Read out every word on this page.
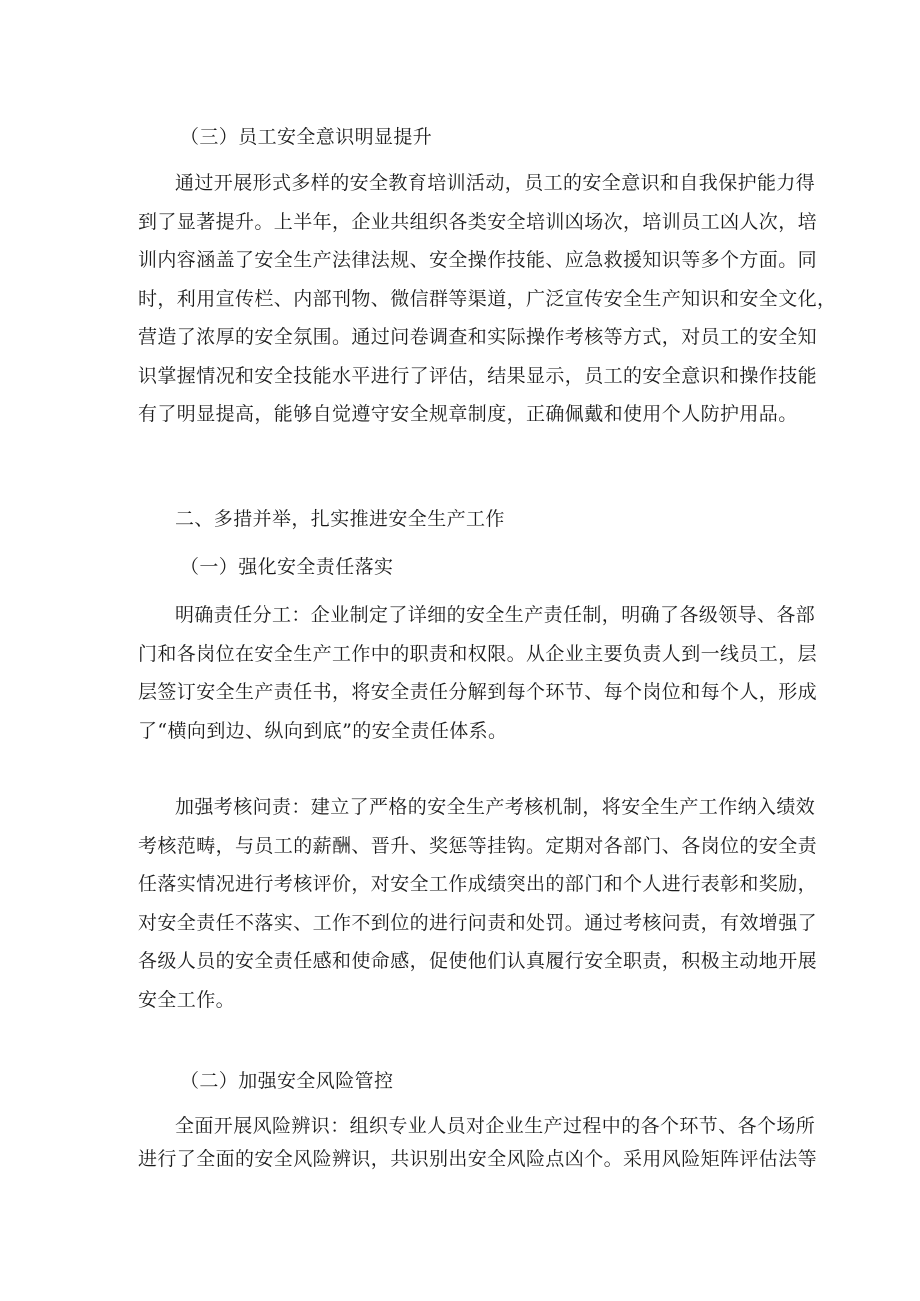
（三）员工安全意识明显提升
通过开展形式多样的安全教育培训活动，员工的安全意识和自我保护能力得
到了显著提升。上半年，企业共组织各类安全培训凶场次，培训员工凶人次，培
训内容涵盖了安全生产法律法规、安全操作技能、应急救援知识等多个方面。同
时，利用宣传栏、内部刊物、微信群等渠道，广泛宣传安全生产知识和安全文化，
营造了浓厚的安全氛围。通过问卷调查和实际操作考核等方式，对员工的安全知
识掌握情况和安全技能水平进行了评估，结果显示，员工的安全意识和操作技能
有了明显提高，能够自觉遵守安全规章制度，正确佩戴和使用个人防护用品。
二、多措并举，扎实推进安全生产工作
（一）强化安全责任落实
明确责任分工：企业制定了详细的安全生产责任制，明确了各级领导、各部
门和各岗位在安全生产工作中的职责和权限。从企业主要负责人到一线员工，层
层签订安全生产责任书，将安全责任分解到每个环节、每个岗位和每个人，形成
了“横向到边、纵向到底”的安全责任体系。
加强考核问责：建立了严格的安全生产考核机制，将安全生产工作纳入绩效
考核范畴，与员工的薪酬、晋升、奖惩等挂钩。定期对各部门、各岗位的安全责
任落实情况进行考核评价，对安全工作成绩突出的部门和个人进行表彰和奖励，
对安全责任不落实、工作不到位的进行问责和处罚。通过考核问责，有效增强了
各级人员的安全责任感和使命感，促使他们认真履行安全职责，积极主动地开展
安全工作。
（二）加强安全风险管控
全面开展风险辨识：组织专业人员对企业生产过程中的各个环节、各个场所
进行了全面的安全风险辨识，共识别出安全风险点凶个。采用风险矩阵评估法等
